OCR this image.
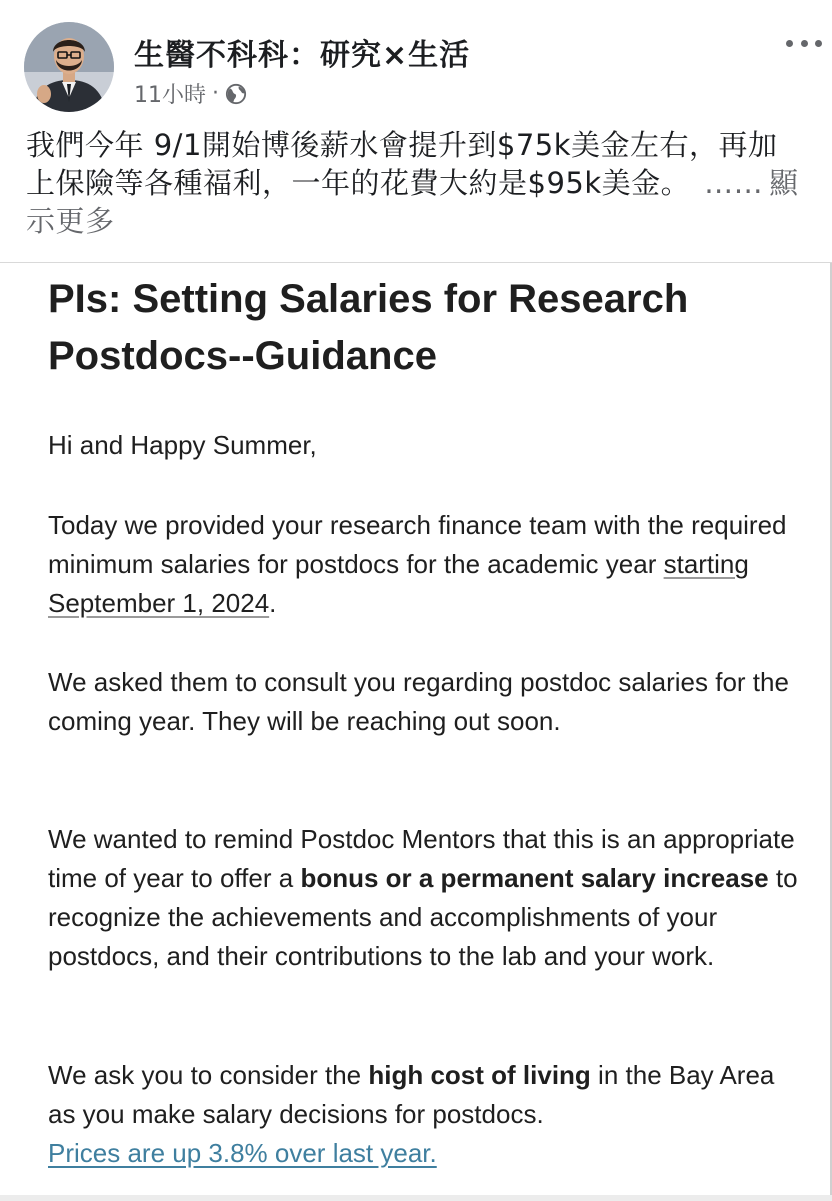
生醫不科科：研究×生活
11小時 ·
我們今年 9/1開始博後薪水會提升到$75k美金左右，再加上保險等各種福利，一年的花費大約是$95k美金。 …… 顯示更多
PIs: Setting Salaries for Research Postdocs--Guidance

Hi and Happy Summer,

Today we provided your research finance team with the required minimum salaries for postdocs for the academic year starting September 1, 2024.

We asked them to consult you regarding postdoc salaries for the coming year. They will be reaching out soon.

We wanted to remind Postdoc Mentors that this is an appropriate time of year to offer a bonus or a permanent salary increase to recognize the achievements and accomplishments of your postdocs, and their contributions to the lab and your work.

We ask you to consider the high cost of living in the Bay Area as you make salary decisions for postdocs.
Prices are up 3.8% over last year.
